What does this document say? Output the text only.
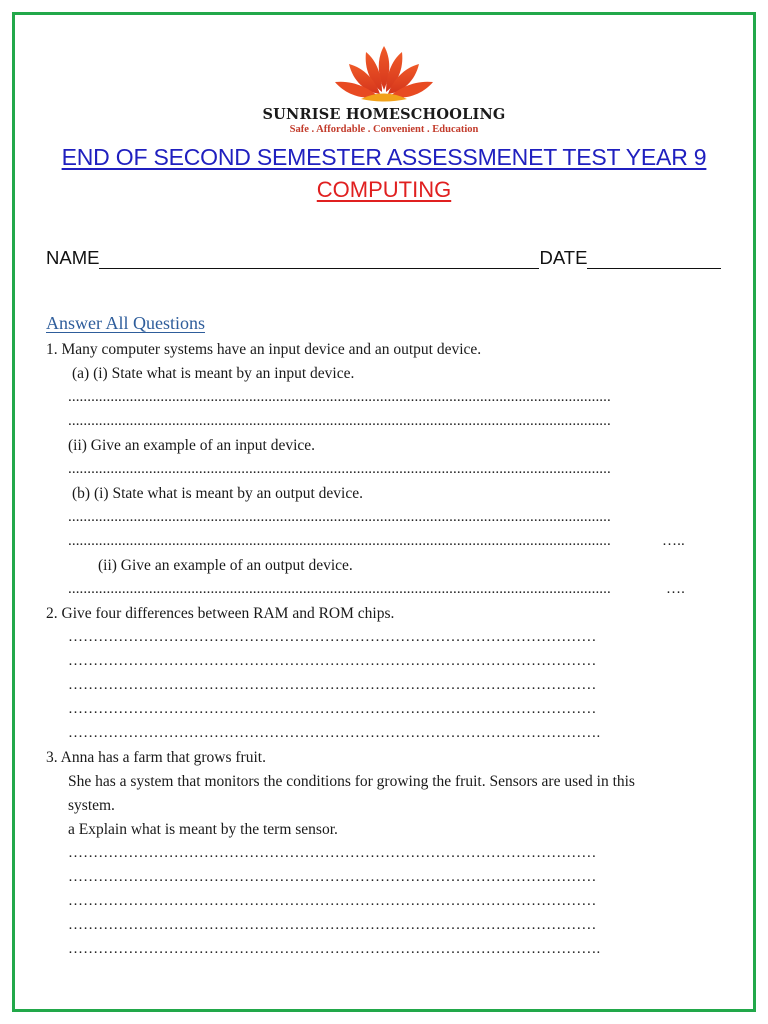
SUNRISE HOMESCHOOLING
Safe . Affordable . Convenient . Education
END OF SECOND SEMESTER ASSESSMENET TEST YEAR 9
COMPUTING
NAME	DATE
Answer All Questions
1. Many computer systems have an input device and an output device.
(a) (i) State what is meant by an input device.
.............................................................................................................................................
.............................................................................................................................................
(ii) Give an example of an input device.
.............................................................................................................................................
(b) (i) State what is meant by an output device.
.............................................................................................................................................
.............................................................................................................................................	…..
(ii) Give an example of an output device.
.............................................................................................................................................	….
2. Give four differences between RAM and ROM chips.
……………………………………………………………………………………………
……………………………………………………………………………………………
……………………………………………………………………………………………
……………………………………………………………………………………………
…………………………………………………………………………………………….
3. Anna has a farm that grows fruit.
She has a system that monitors the conditions for growing the fruit. Sensors are used in this
system.
a Explain what is meant by the term sensor.
……………………………………………………………………………………………
……………………………………………………………………………………………
……………………………………………………………………………………………
……………………………………………………………………………………………
…………………………………………………………………………………………….
